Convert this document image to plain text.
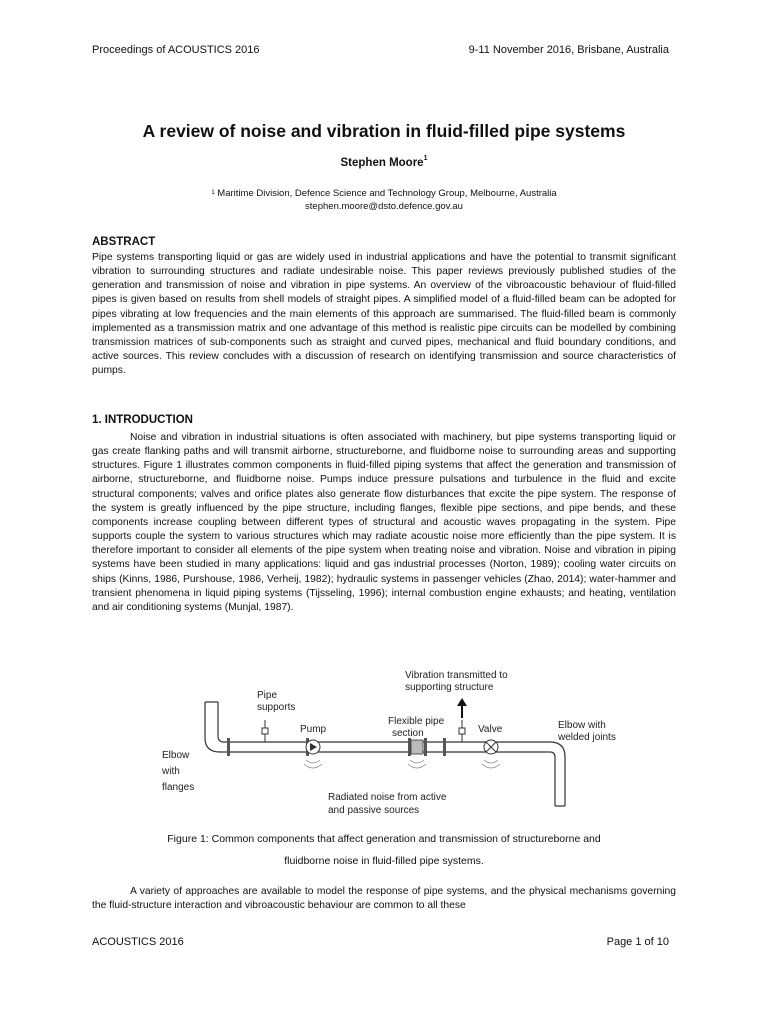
Proceedings of ACOUSTICS 2016	9-11 November 2016, Brisbane, Australia
A review of noise and vibration in fluid-filled pipe systems
Stephen Moore$^1$
$^1$ Maritime Division, Defence Science and Technology Group, Melbourne, Australia
stephen.moore@dsto.defence.gov.au
ABSTRACT
Pipe systems transporting liquid or gas are widely used in industrial applications and have the potential to transmit significant vibration to surrounding structures and radiate undesirable noise. This paper reviews previously published studies of the generation and transmission of noise and vibration in pipe systems. An overview of the vibroacoustic behaviour of fluid-filled pipes is given based on results from shell models of straight pipes. A simplified model of a fluid-filled beam can be adopted for pipes vibrating at low frequencies and the main elements of this approach are summarised. The fluid-filled beam is commonly implemented as a transmission matrix and one advantage of this method is realistic pipe circuits can be modelled by combining transmission matrices of sub-components such as straight and curved pipes, mechanical and fluid boundary conditions, and active sources. This review concludes with a discussion of research on identifying transmission and source characteristics of pumps.
1. INTRODUCTION
Noise and vibration in industrial situations is often associated with machinery, but pipe systems transporting liquid or gas create flanking paths and will transmit airborne, structureborne, and fluidborne noise to surrounding areas and supporting structures. Figure 1 illustrates common components in fluid-filled piping systems that affect the generation and transmission of airborne, structureborne, and fluidborne noise. Pumps induce pressure pulsations and turbulence in the fluid and excite structural components; valves and orifice plates also generate flow disturbances that excite the pipe system. The response of the system is greatly influenced by the pipe structure, including flanges, flexible pipe sections, and pipe bends, and these components increase coupling between different types of structural and acoustic waves propagating in the system. Pipe supports couple the system to various structures which may radiate acoustic noise more efficiently than the pipe system. It is therefore important to consider all elements of the pipe system when treating noise and vibration. Noise and vibration in piping systems have been studied in many applications: liquid and gas industrial processes (Norton, 1989); cooling water circuits on ships (Kinns, 1986, Purshouse, 1986, Verheij, 1982); hydraulic systems in passenger vehicles (Zhao, 2014); water-hammer and transient phenomena in liquid piping systems (Tijsseling, 1996); internal combustion engine exhausts; and heating, ventilation and air conditioning systems (Munjal, 1987).
Vibration transmitted to
supporting structure
Pipe
supports
Pump
Flexible pipe
section	Valve	Elbow with
welded joints
Elbow
with
flanges
Radiated noise from active
and passive sources
Figure 1: Common components that affect generation and transmission of structureborne and
fluidborne noise in fluid-filled pipe systems.
A variety of approaches are available to model the response of pipe systems, and the physical mechanisms governing the fluid-structure interaction and vibroacoustic behaviour are common to all these
ACOUSTICS 2016	Page 1 of 10
